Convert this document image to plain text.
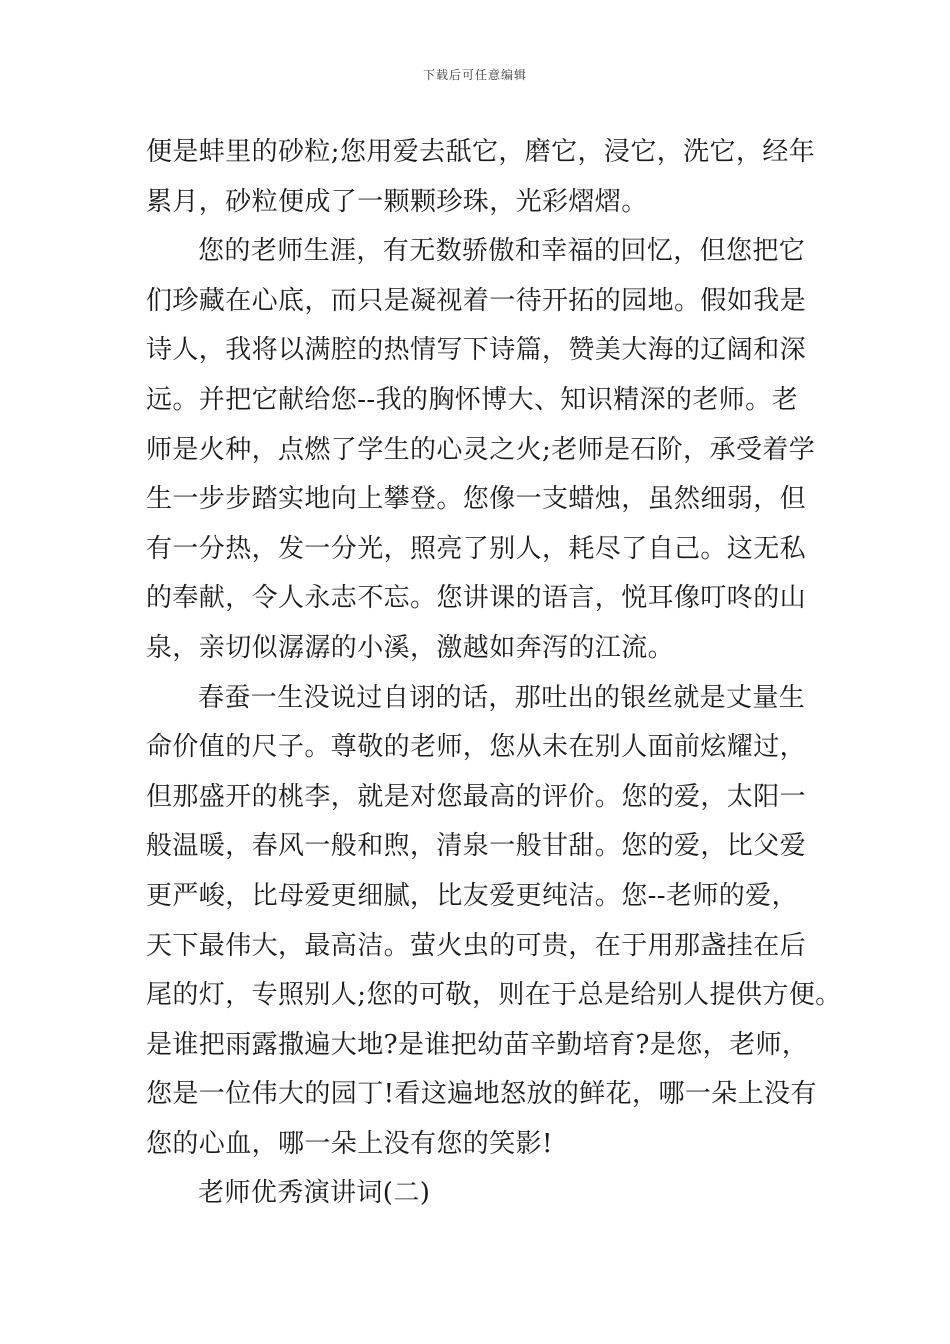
下载后可任意编辑
便是蚌里的砂粒;您用爱去舐它，磨它，浸它，洗它，经年
累月，砂粒便成了一颗颗珍珠，光彩熠熠。
您的老师生涯，有无数骄傲和幸福的回忆，但您把它
们珍藏在心底，而只是凝视着一待开拓的园地。假如我是
诗人，我将以满腔的热情写下诗篇，赞美大海的辽阔和深
远。并把它献给您--我的胸怀博大、知识精深的老师。老
师是火种，点燃了学生的心灵之火;老师是石阶，承受着学
生一步步踏实地向上攀登。您像一支蜡烛，虽然细弱，但
有一分热，发一分光，照亮了别人，耗尽了自己。这无私
的奉献，令人永志不忘。您讲课的语言，悦耳像叮咚的山
泉，亲切似潺潺的小溪，激越如奔泻的江流。
春蚕一生没说过自诩的话，那吐出的银丝就是丈量生
命价值的尺子。尊敬的老师，您从未在别人面前炫耀过，
但那盛开的桃李，就是对您最高的评价。您的爱，太阳一
般温暖，春风一般和煦，清泉一般甘甜。您的爱，比父爱
更严峻，比母爱更细腻，比友爱更纯洁。您--老师的爱，
天下最伟大，最高洁。萤火虫的可贵，在于用那盏挂在后
尾的灯，专照别人;您的可敬，则在于总是给别人提供方便。
是谁把雨露撒遍大地?是谁把幼苗辛勤培育?是您，老师，
您是一位伟大的园丁!看这遍地怒放的鲜花，哪一朵上没有
您的心血，哪一朵上没有您的笑影!
老师优秀演讲词(二)
